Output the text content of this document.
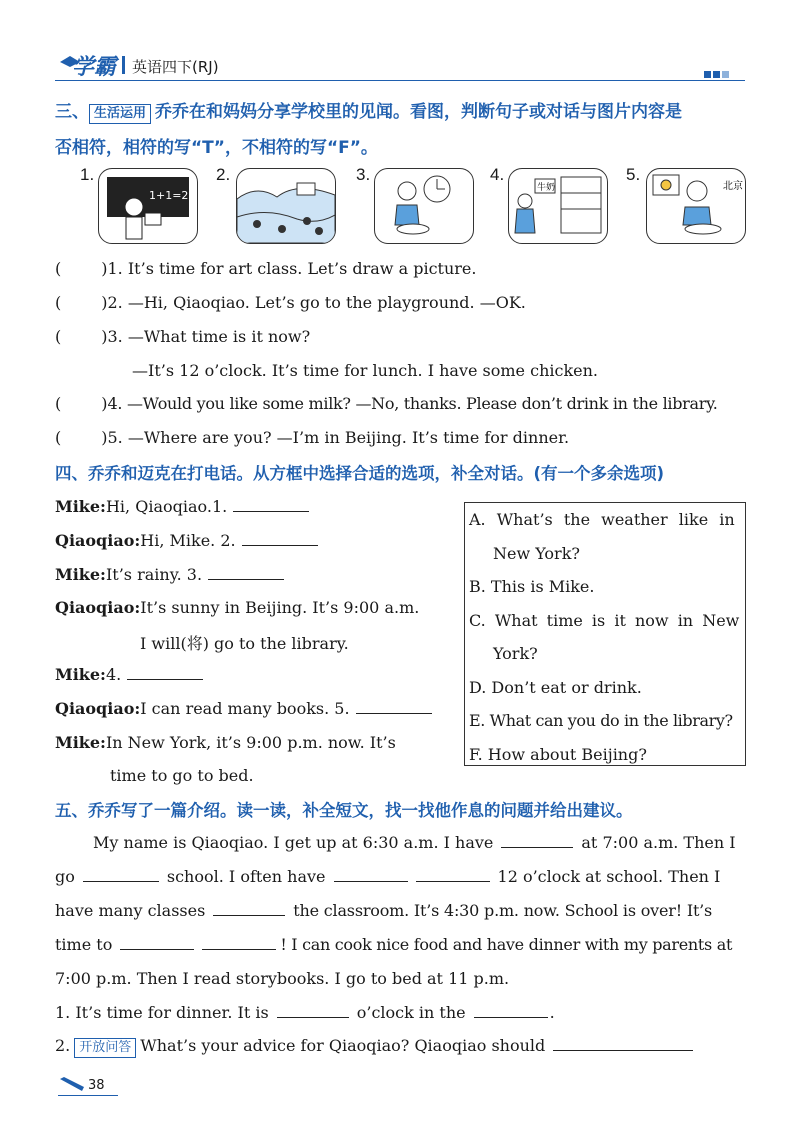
学霸 英语四下(RJ)
三、 生活运用 乔乔在和妈妈分享学校里的见闻。看图，判断句子或对话与图片内容是
否相符，相符的写“T”，不相符的写“F”。
1.
1+1=2
2.	3.	4.
牛奶
5.
北京
(	)1. It’s time for art class. Let’s draw a picture.
(	)2. —Hi, Qiaoqiao. Let’s go to the playground. —OK.
(	)3. —What time is it now?
—It’s 12 o’clock. It’s time for lunch. I have some chicken.
(	)4. —Would you like some milk? —No, thanks. Please don’t drink in the library.
(	)5. —Where are you? —I’m in Beijing. It’s time for dinner.
四、乔乔和迈克在打电话。从方框中选择合适的选项，补全对话。(有一个多余选项)
Mike:Hi, Qiaoqiao.1.
Qiaoqiao:Hi, Mike. 2.
Mike:It’s rainy. 3.
Qiaoqiao:It’s sunny in Beijing. It’s 9:00 a.m.
I will(将) go to the library.
Mike:4.
Qiaoqiao:I can read many books. 5.
Mike:In New York, it’s 9:00 p.m. now. It’s
time to go to bed.
A. What’s the weather like in
New York?
B. This is Mike.
C. What time is it now in New
York?
D. Don’t eat or drink.
E. What can you do in the library?
F. How about Beijing?
五、乔乔写了一篇介绍。读一读，补全短文，找一找他作息的问题并给出建议。
My name is Qiaoqiao. I get up at 6:30 a.m. I have	at 7:00 a.m. Then I
go	school. I often have	12 o’clock at school. Then I
have many classes	the classroom. It’s 4:30 p.m. now. School is over! It’s
time to	! I can cook nice food and have dinner with my parents at
7:00 p.m. Then I read storybooks. I go to bed at 11 p.m.
1. It’s time for dinner. It is	o’clock in the	.
2. 开放问答 What’s your advice for Qiaoqiao? Qiaoqiao should
38
